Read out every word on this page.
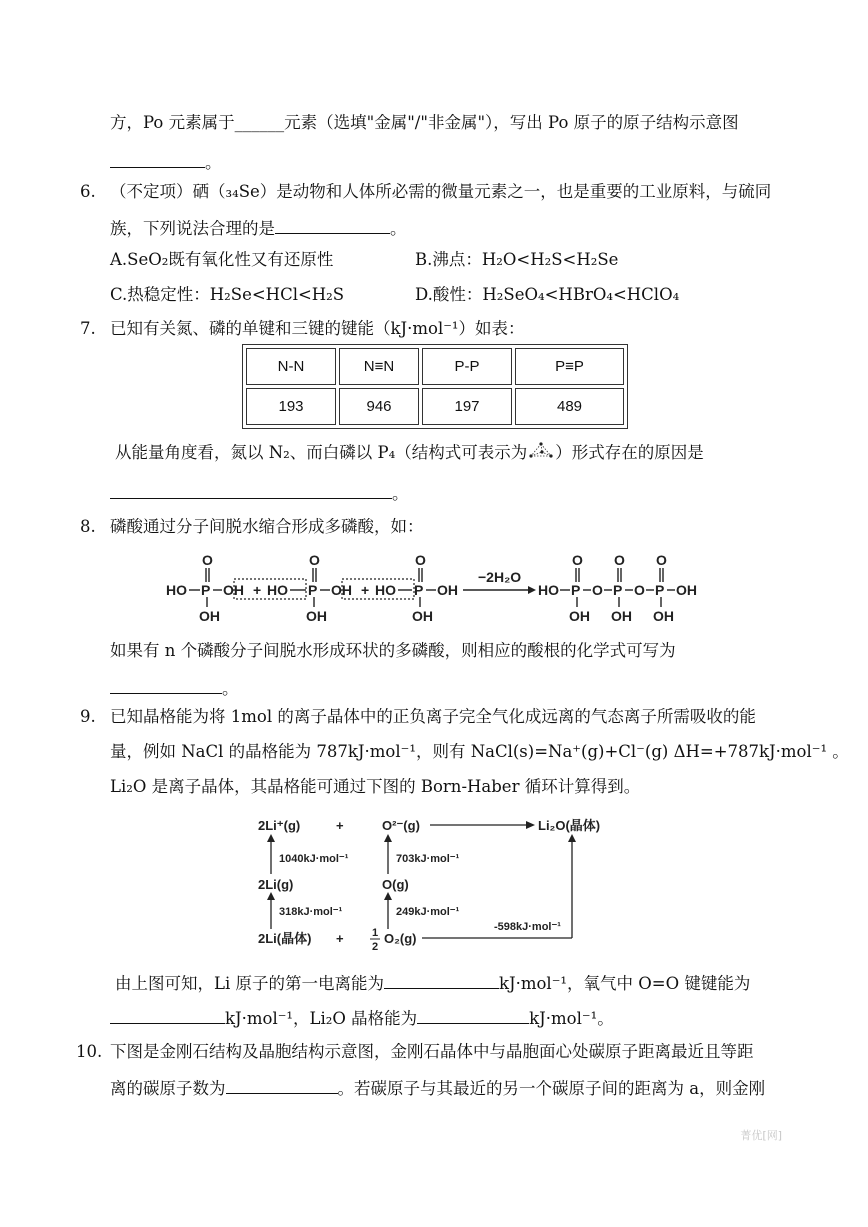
方，Po 元素属于______元素（选填"金属"/"非金属"），写出 Po 原子的原子结构示意图
。
6. （不定项）硒（₃₄Se）是动物和人体所必需的微量元素之一，也是重要的工业原料，与硫同
族，下列说法合理的是	。
A.SeO₂既有氧化性又有还原性	B.沸点：H₂O<H₂S<H₂Se
C.热稳定性：H₂Se<HCl<H₂S	D.酸性：H₂SeO₄<HBrO₄<HClO₄
7. 已知有关氮、磷的单键和三键的键能（kJ·mol⁻¹）如表：
N-N	N≡N	P-P	P≡P
193	946	197	489
从能量角度看，氮以 N₂、而白磷以 P₄（结构式可表示为 ）形式存在的原因是
。
8. 磷酸通过分子间脱水缩合形成多磷酸，如：
HO P
O
OH
OH + HO P
O
OH
OH + HO P
O
OH
OH
−2H₂O
HO P
O
OH
O P
O
OH
O P
O
OH
OH
如果有 n 个磷酸分子间脱水形成环状的多磷酸，则相应的酸根的化学式可写为
。
9. 已知晶格能为将 1mol 的离子晶体中的正负离子完全气化成远离的气态离子所需吸收的能
量，例如 NaCl 的晶格能为 787kJ·mol⁻¹，则有 NaCl(s)=Na⁺(g)+Cl⁻(g) ΔH=+787kJ·mol⁻¹ 。
Li₂O 是离子晶体，其晶格能可通过下图的 Born-Haber 循环计算得到。
2Li⁺(g)	+	O²⁻(g)	Li₂O(晶体)
1040kJ·mol⁻¹
2Li(g)
318kJ·mol⁻¹
2Li(晶体) +
703kJ·mol⁻¹
O(g)
249kJ·mol⁻¹
1
2
O₂(g)
-598kJ·mol⁻¹
由上图可知，Li 原子的第一电离能为	kJ·mol⁻¹，氧气中 O=O 键键能为
kJ·mol⁻¹，Li₂O 晶格能为	kJ·mol⁻¹。
10. 下图是金刚石结构及晶胞结构示意图，金刚石晶体中与晶胞面心处碳原子距离最近且等距
离的碳原子数为	。若碳原子与其最近的另一个碳原子间的距离为 a，则金刚
菁优[网]
